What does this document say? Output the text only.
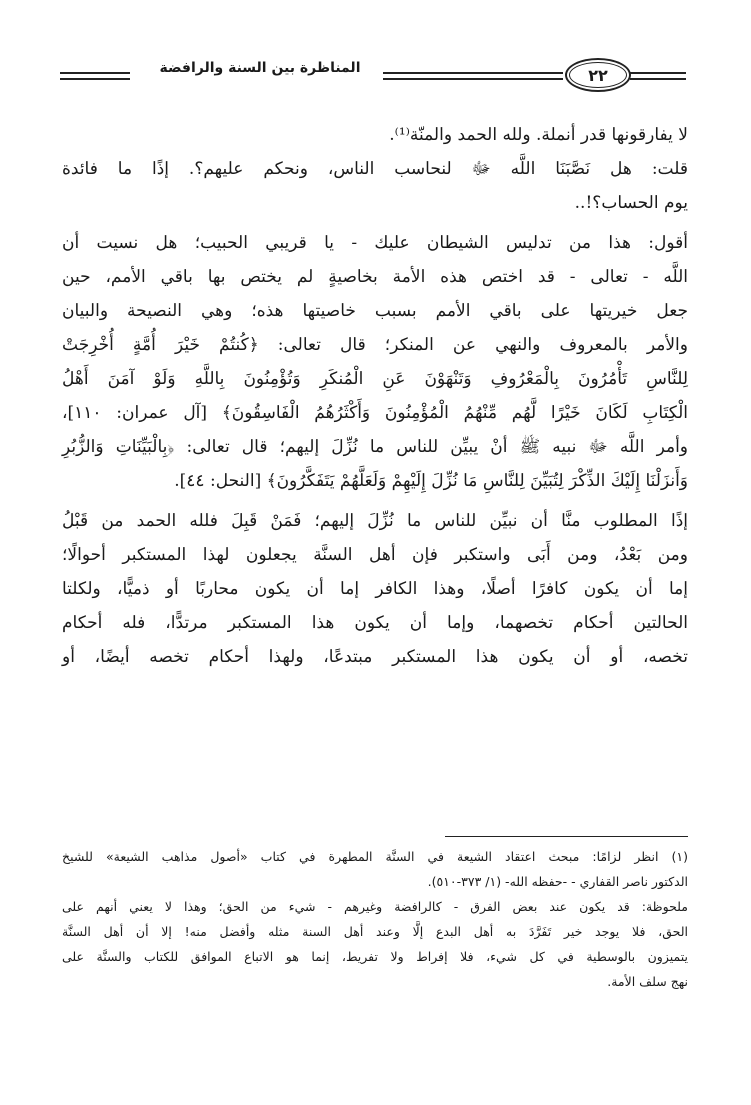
المناظرة بين السنة والرافضة	٢٢
لا يفارقونها قدر أنملة. ولله الحمد والمنّة⁽¹⁾.
قلت: هل نَصَّبَنَا اللَّه ﷻ لنحاسب الناس، ونحكم عليهم؟. إذًا ما فائدة
يوم الحساب؟!..
أقول: هذا من تدليس الشيطان عليك - يا قريبي الحبيب؛ هل نسيت أن
اللَّه - تعالى - قد اختص هذه الأمة بخاصيةٍ لم يختص بها باقي الأمم، حين
جعل خيريتها على باقي الأمم بسبب خاصيتها هذه؛ وهي النصيحة والبيان
والأمر بالمعروف والنهي عن المنكر؛ قال تعالى: ﴿كُنتُمْ خَيْرَ أُمَّةٍ أُخْرِجَتْ
لِلنَّاسِ تَأْمُرُونَ بِالْمَعْرُوفِ وَتَنْهَوْنَ عَنِ الْمُنكَرِ وَتُؤْمِنُونَ بِاللَّهِ وَلَوْ آمَنَ أَهْلُ
الْكِتَابِ لَكَانَ خَيْرًا لَّهُم مِّنْهُمُ الْمُؤْمِنُونَ وَأَكْثَرُهُمُ الْفَاسِقُونَ﴾ [آل عمران: ١١٠]،
وأمر اللَّه ﷻ نبيه ﷺ أنْ يبيِّن للناس ما نُزِّلَ إليهم؛ قال تعالى: ﴿بِالْبَيِّنَاتِ وَالزُّبُرِ
وَأَنزَلْنَا إِلَيْكَ الذِّكْرَ لِتُبَيِّنَ لِلنَّاسِ مَا نُزِّلَ إِلَيْهِمْ وَلَعَلَّهُمْ يَتَفَكَّرُونَ﴾ [النحل: ٤٤].
إذًا المطلوب منَّا أن نبيِّن للناس ما نُزِّلَ إليهم؛ فَمَنْ قَبِلَ فلله الحمد من قَبْلُ
ومن بَعْدُ، ومن أَبَى واستكبر فإن أهل السنَّة يجعلون لهذا المستكبر أحوالًا؛
إما أن يكون كافرًا أصلًا، وهذا الكافر إما أن يكون محاربًا أو ذميًّا، ولكلتا
الحالتين أحكام تخصهما، وإما أن يكون هذا المستكبر مرتدًّا، فله أحكام
تخصه، أو أن يكون هذا المستكبر مبتدعًا، ولهذا أحكام تخصه أيضًا، أو
(١) انظر لزامًا: مبحث اعتقاد الشيعة في السنَّة المطهرة في كتاب «أصول مذاهب الشيعة» للشيخ
الدكتور ناصر القفاري - -حفظه الله- (١/ ٣٧٣-٥١٠).
ملحوظة: قد يكون عند بعض الفرق - كالرافضة وغيرهم - شيء من الحق؛ وهذا لا يعني أنهم على
الحق، فلا يوجد خير تَفَرَّدَ به أهل البدع إلَّا وعند أهل السنة مثله وأفضل منه! إلا أن أهل السنَّة
يتميزون بالوسطية في كل شيء، فلا إفراط ولا تفريط، إنما هو الاتباع الموافق للكتاب والسنَّة على
نهج سلف الأمة.
